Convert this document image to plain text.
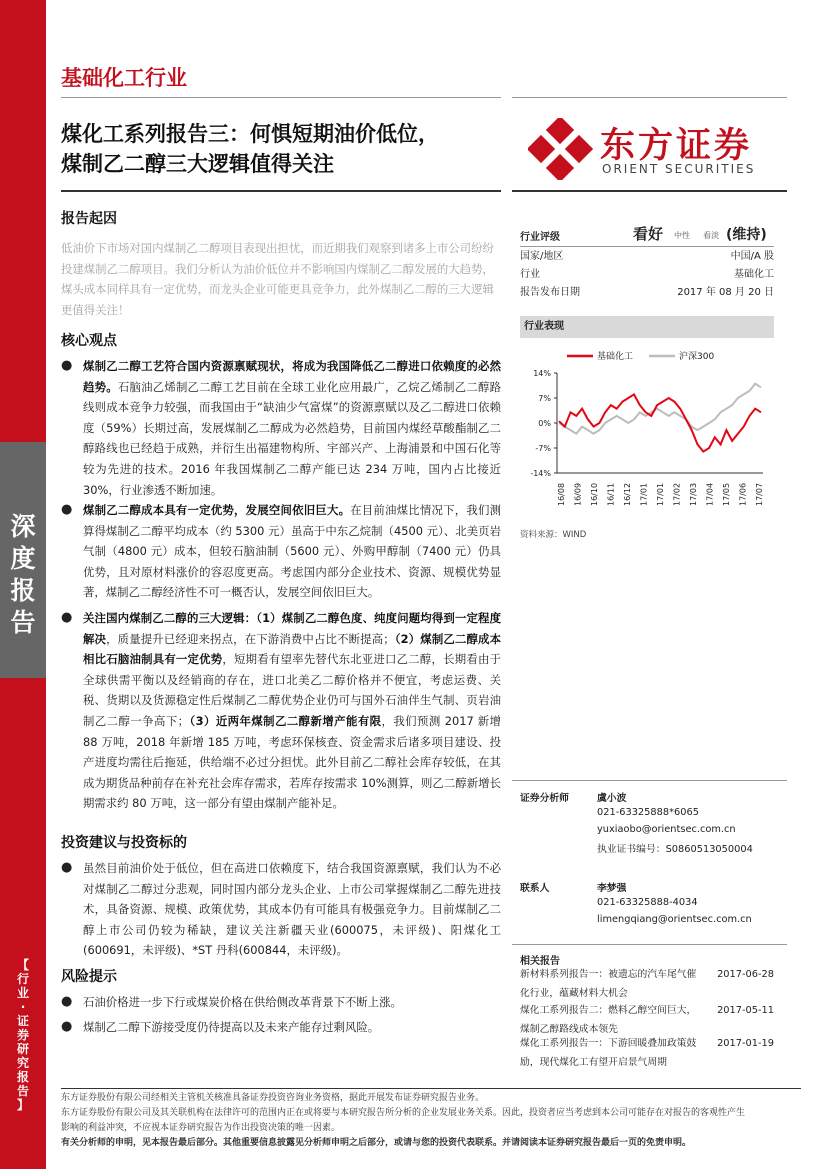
深
度
报
告
【
行
业
·
证
券
研
究
报
告
】
基础化工行业
煤化工系列报告三：何惧短期油价低位，
煤制乙二醇三大逻辑值得关注	东方证券
ORIENT SECURITIES
报告起因
低油价下市场对国内煤制乙二醇项目表现出担忧，而近期我们观察到诸多上市公司纷纷投建煤制乙二醇项目。我们分析认为油价低位并不影响国内煤制乙二醇发展的大趋势，煤头成本同样具有一定优势，而龙头企业可能更具竞争力，此外煤制乙二醇的三大逻辑更值得关注！
核心观点
● 煤制乙二醇工艺符合国内资源禀赋现状，将成为我国降低乙二醇进口依赖度的必然趋势。石脑油乙烯制乙二醇工艺目前在全球工业化应用最广，乙烷乙烯制乙二醇路线则成本竞争力较强，而我国由于“缺油少气富煤”的资源禀赋以及乙二醇进口依赖度（59%）长期过高，发展煤制乙二醇成为必然趋势，目前国内煤经草酸酯制乙二醇路线也已经趋于成熟，并衍生出福建物构所、宇部兴产、上海浦景和中国石化等较为先进的技术。2016 年我国煤制乙二醇产能已达 234 万吨，国内占比接近30%，行业渗透不断加速。
● 煤制乙二醇成本具有一定优势，发展空间依旧巨大。在目前油煤比情况下，我们测算得煤制乙二醇平均成本（约 5300 元）虽高于中东乙烷制（4500 元）、北美页岩气制（4800 元）成本，但较石脑油制（5600 元）、外购甲醇制（7400 元）仍具优势，且对原材料涨价的容忍度更高。考虑国内部分企业技术、资源、规模优势显著，煤制乙二醇经济性不可一概否认，发展空间依旧巨大。
● 关注国内煤制乙二醇的三大逻辑：（1）煤制乙二醇色度、纯度问题均得到一定程度解决，质量提升已经迎来拐点，在下游消费中占比不断提高；（2）煤制乙二醇成本相比石脑油制具有一定优势，短期看有望率先替代东北亚进口乙二醇，长期看由于全球供需平衡以及经销商的存在，进口北美乙二醇价格并不便宜，考虑运费、关税、货期以及货源稳定性后煤制乙二醇优势企业仍可与国外石油伴生气制、页岩油制乙二醇一争高下；（3）近两年煤制乙二醇新增产能有限，我们预测 2017 新增 88 万吨，2018 年新增 185 万吨，考虑环保核查、资金需求后诸多项目建设、投产进度均需往后拖延，供给端不必过分担忧。此外目前乙二醇社会库存较低，在其成为期货品种前存在补充社会库存需求，若库存按需求 10%测算，则乙二醇新增长期需求约 80 万吨，这一部分有望由煤制产能补足。
投资建议与投资标的
● 虽然目前油价处于低位，但在高进口依赖度下，结合我国资源禀赋，我们认为不必对煤制乙二醇过分悲观，同时国内部分龙头企业、上市公司掌握煤制乙二醇先进技术，具备资源、规模、政策优势，其成本仍有可能具有极强竞争力。目前煤制乙二醇上市公司仍较为稀缺，建议关注新疆天业(600075，未评级)、阳煤化工(600691，未评级)、*ST 丹科(600844，未评级)。
风险提示
● 石油价格进一步下行或煤炭价格在供给侧改革背景下不断上涨。
● 煤制乙二醇下游接受度仍待提高以及未来产能存过剩风险。
行业评级	看好 中性 看淡 (维持)
国家/地区	中国/A 股
行业	基础化工
报告发布日期	2017 年 08 月 20 日
行业表现
基础化工	沪深300
14%
7%
0%
-7%
-14%
16/08 16/09 16/10 16/11 16/12 17/01 17/01 17/02 17/03 17/04 17/05 17/06 17/07
资料来源：WIND
证券分析师	虞小波
021-63325888*6065
yuxiaobo@orientsec.com.cn
执业证书编号：S0860513050004
联系人	李梦强
021-63325888-4034
limengqiang@orientsec.com.cn
相关报告
新材料系列报告一：被遗忘的汽车尾气催
化行业，蕴藏材料大机会
2017-06-28
煤化工系列报告二：燃料乙醇空间巨大，
煤制乙醇路线成本领先
2017-05-11
煤化工系列报告一：下游回暖叠加政策鼓
励，现代煤化工有望开启景气周期
2017-01-19
东方证券股份有限公司经相关主管机关核准具备证券投资咨询业务资格，据此开展发布证券研究报告业务。
东方证券股份有限公司及其关联机构在法律许可的范围内正在或将要与本研究报告所分析的企业发展业务关系。因此，投资者应当考虑到本公司可能存在对报告的客观性产生
影响的利益冲突，不应视本证券研究报告为作出投资决策的唯一因素。
有关分析师的申明，见本报告最后部分。其他重要信息披露见分析师申明之后部分，或请与您的投资代表联系。并请阅读本证券研究报告最后一页的免责申明。
